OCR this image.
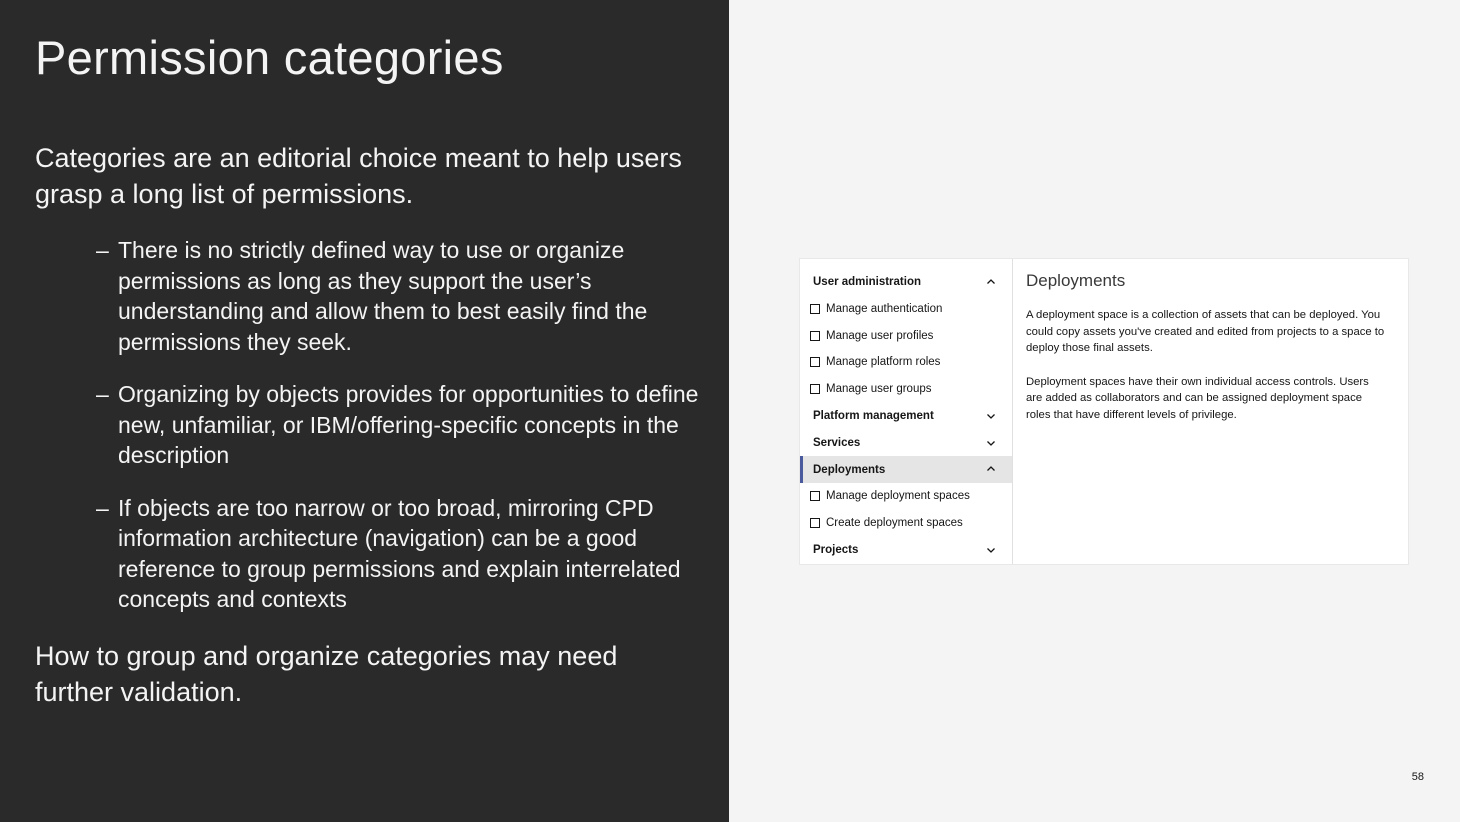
Permission categories

Categories are an editorial choice meant to help users grasp a long list of permissions.

– There is no strictly defined way to use or organize permissions as long as they support the user’s understanding and allow them to best easily find the permissions they seek.
– Organizing by objects provides for opportunities to define new, unfamiliar, or IBM/offering-specific concepts in the description
– If objects are too narrow or too broad, mirroring CPD information architecture (navigation) can be a good reference to group permissions and explain interrelated concepts and contexts

How to group and organize categories may need further validation.

58
User administration
Manage authentication
Manage user profiles
Manage platform roles
Manage user groups
Platform management
Services
Deployments
Manage deployment spaces
Create deployment spaces
Projects
Deployments

A deployment space is a collection of assets that can be deployed. You could copy assets you've created and edited from projects to a space to deploy those final assets.

Deployment spaces have their own individual access controls. Users are added as collaborators and can be assigned deployment space roles that have different levels of privilege.
